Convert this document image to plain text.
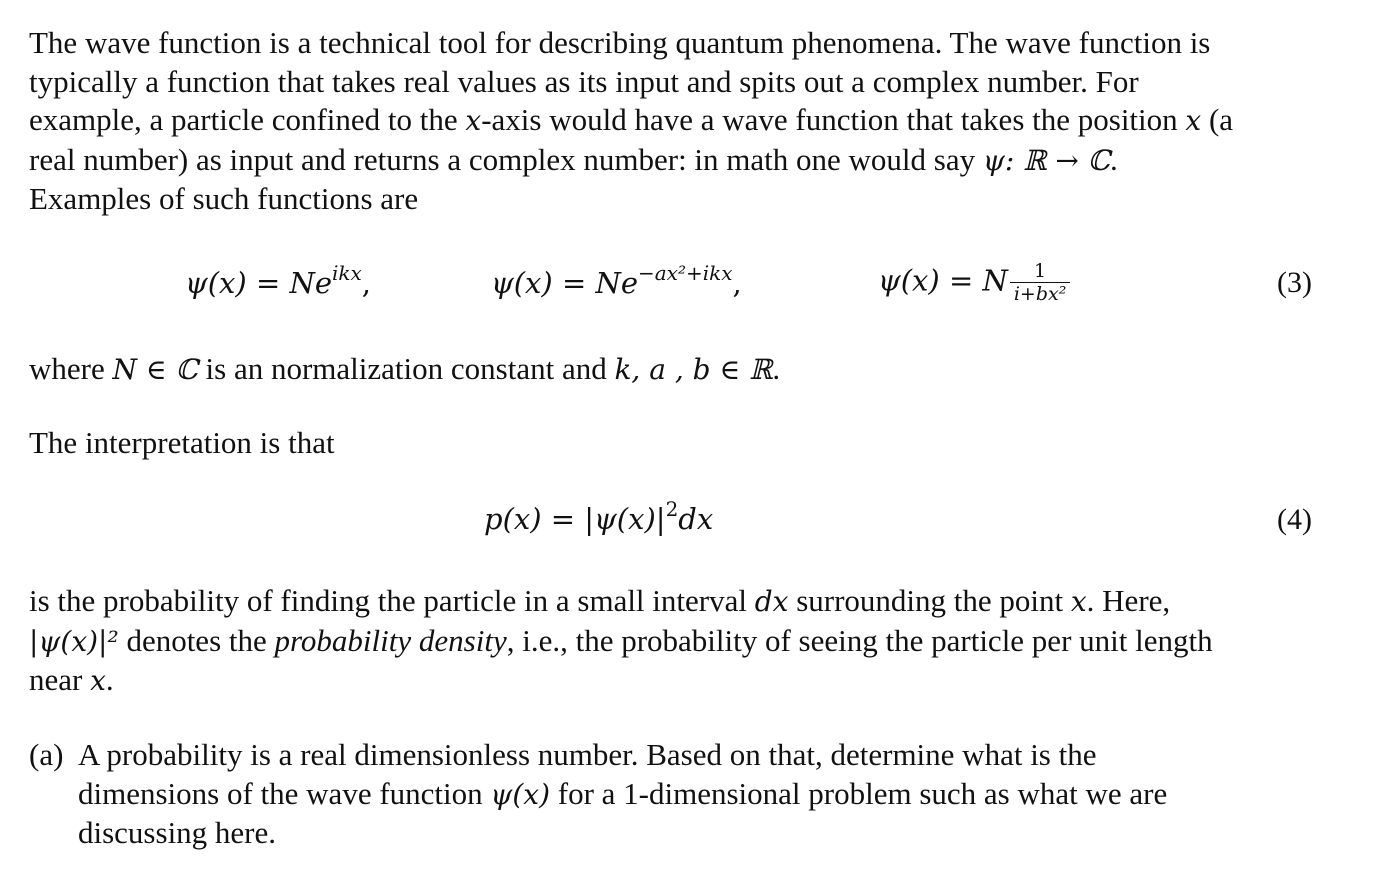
The wave function is a technical tool for describing quantum phenomena. The wave function is
typically a function that takes real values as its input and spits out a complex number. For
example, a particle confined to the x-axis would have a wave function that takes the position x (a
real number) as input and returns a complex number: in math one would say ψ: ℝ → ℂ.
Examples of such functions are
$\psi(x) = Ne^{ikx}$,	$\psi(x) = Ne^{-ax^2+ikx}$,	ψ(x) = N $\frac{1}{\text{i+bx²}}$	(3)
where N ∈ ℂ is an normalization constant and k, a , b ∈ ℝ.
The interpretation is that
$p(x) = |\psi(x)|^2dx$	(4)
is the probability of finding the particle in a small interval dx surrounding the point x. Here,
|ψ(x)|² denotes the probability density, i.e., the probability of seeing the particle per unit length
near x.
(a) A probability is a real dimensionless number. Based on that, determine what is the
dimensions of the wave function ψ(x) for a 1-dimensional problem such as what we are
discussing here.
